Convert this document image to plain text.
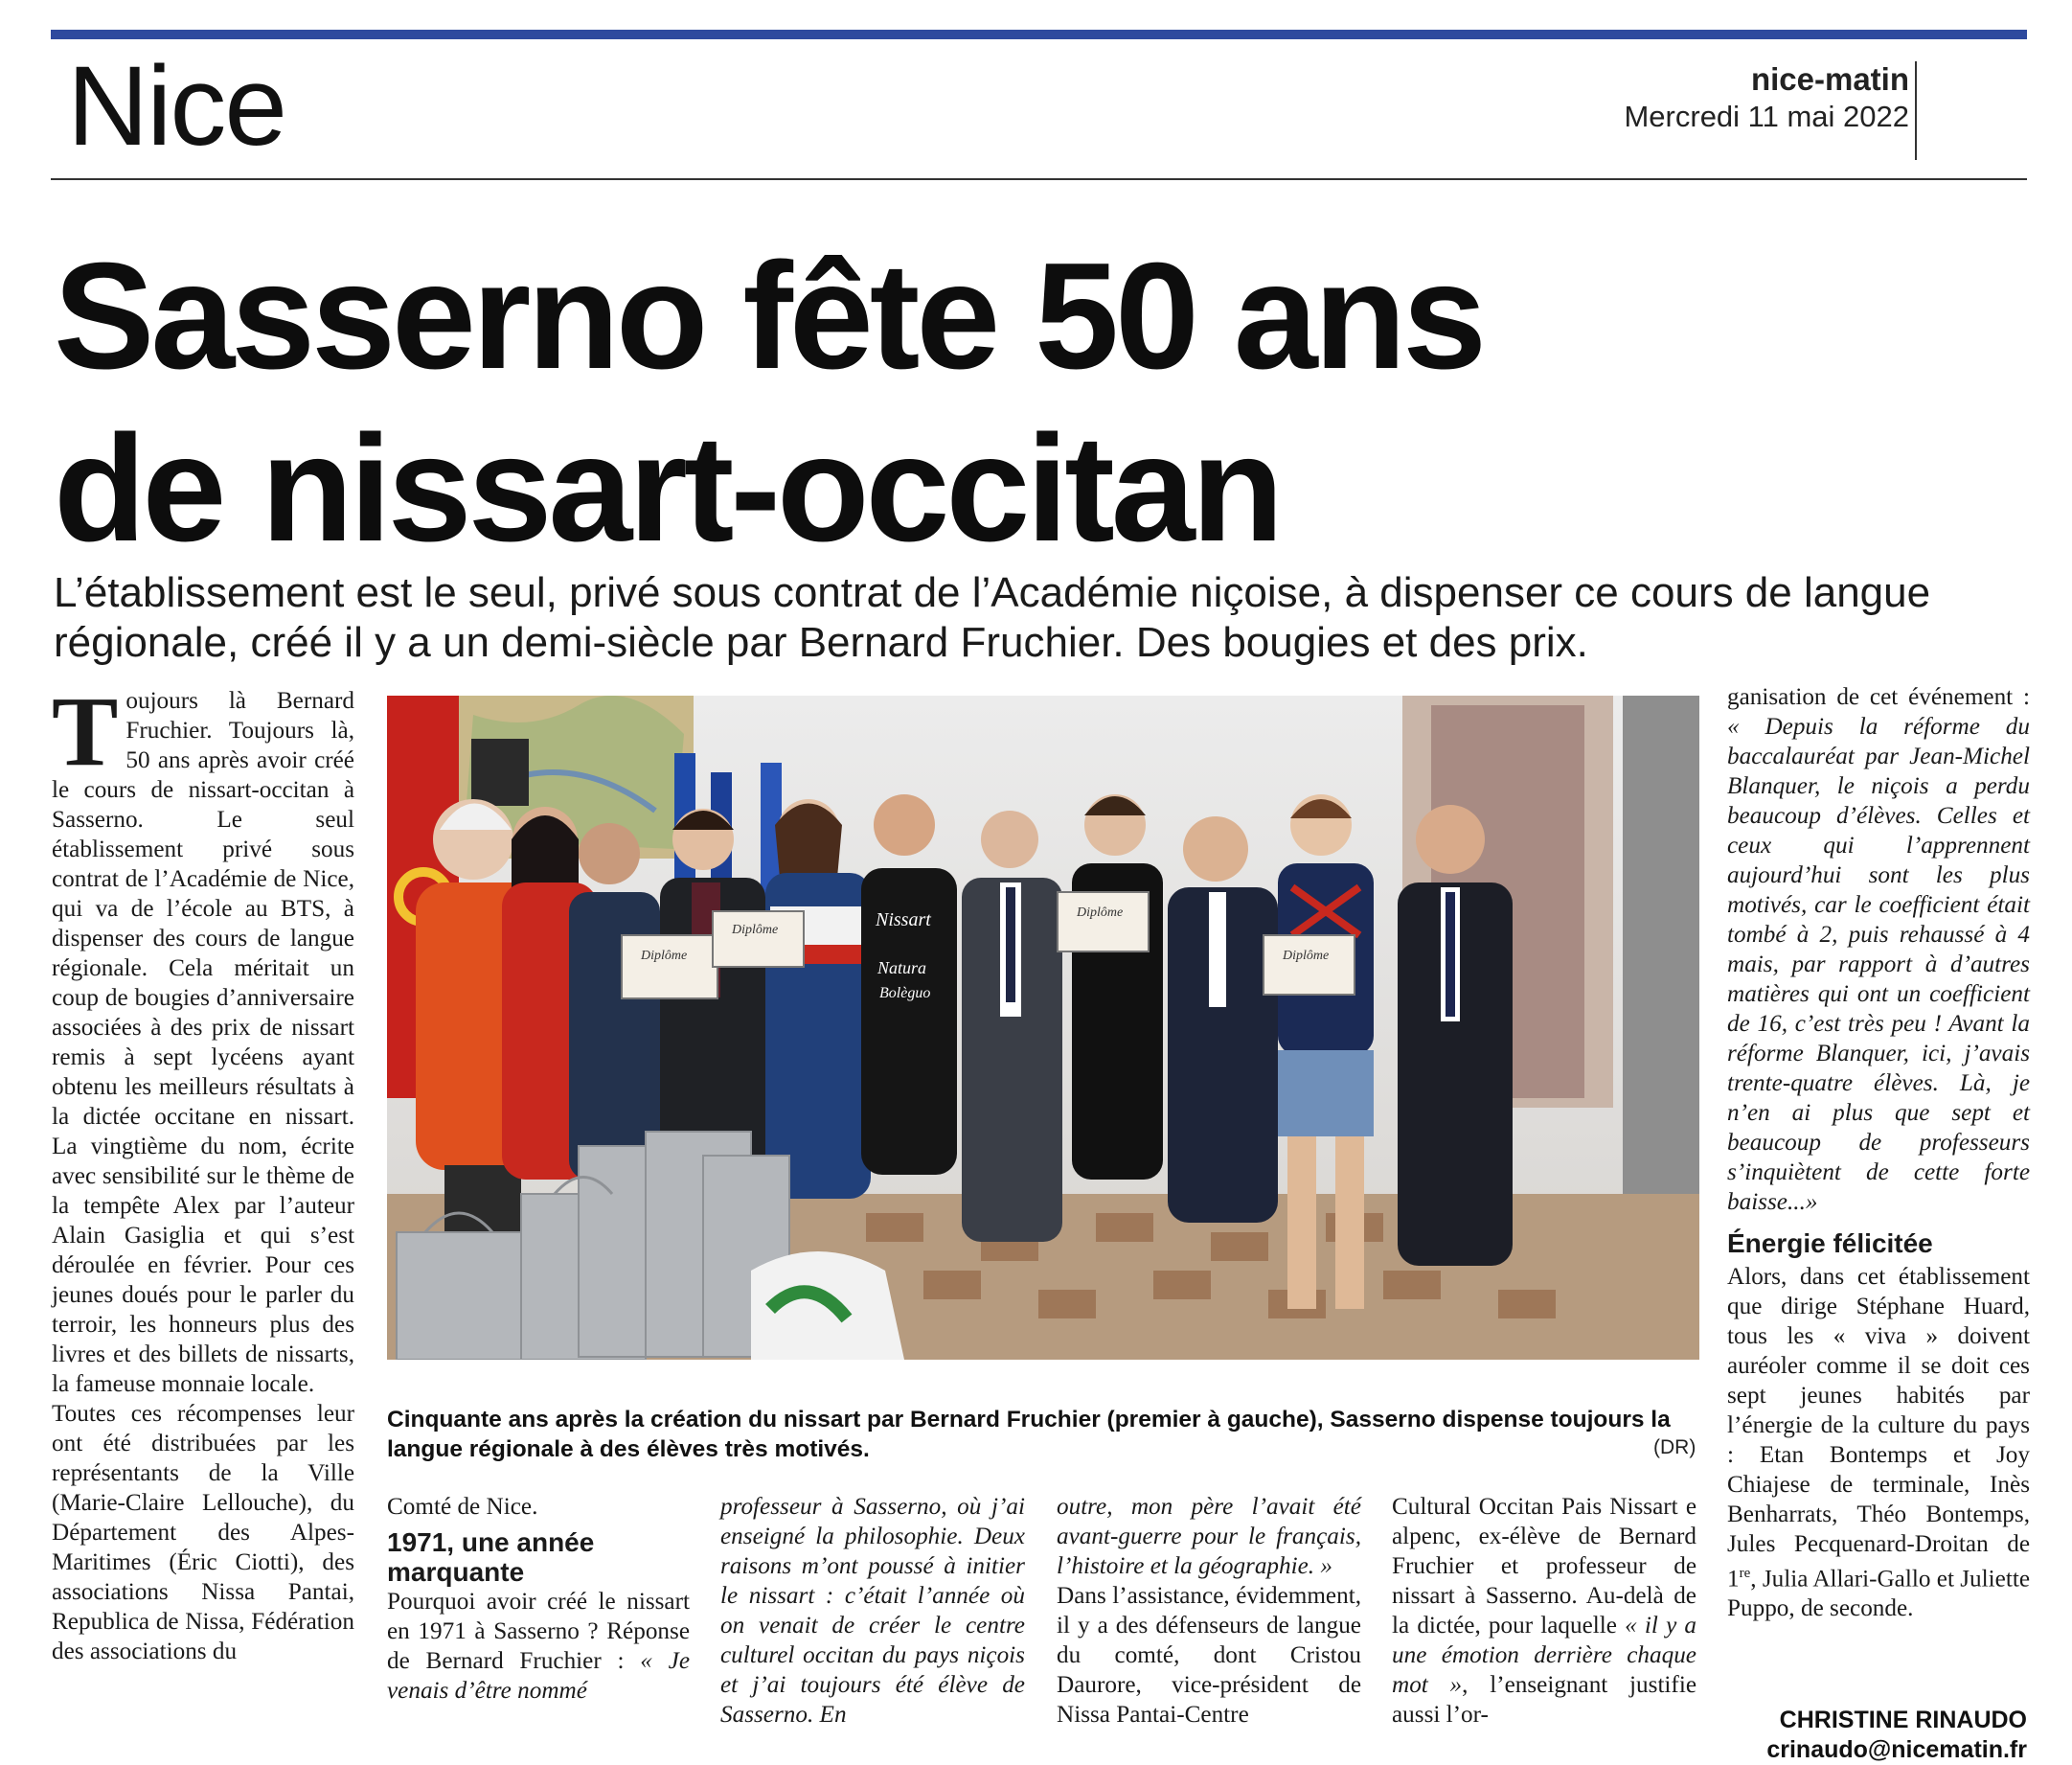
Nice	nice-matin
Mercredi 11 mai 2022
Sasserno fête 50 ans
de nissart-occitan
L’établissement est le seul, privé sous contrat de l’Académie niçoise, à dispenser ce cours de langue régionale, créé il y a un demi-siècle par Bernard Fruchier. Des bougies et des prix.

Toujours là Bernard Fruchier. Toujours là, 50 ans après avoir créé le cours de nissart-occitan à Sasserno. Le seul établissement privé sous contrat de l’Académie de Nice, qui va de l’école au BTS, à dispenser des cours de langue régionale. Cela méritait un coup de bougies d’anniversaire associées à des prix de nissart remis à sept lycéens ayant obtenu les meilleurs résultats à la dictée occitane en nissart. La vingtième du nom, écrite avec sensibilité sur le thème de la tempête Alex par l’auteur Alain Gasiglia et qui s’est déroulée en février. Pour ces jeunes doués pour le parler du terroir, les honneurs plus des livres et des billets de nissarts, la fameuse monnaie locale.

Toutes ces récompenses leur ont été distribuées par les représentants de la Ville (Marie-Claire Lellouche), du Département des Alpes-Maritimes (Éric Ciotti), des associations Nissa Pantai, Republica de Nissa, Fédération des associations du

Comté de Nice.

1971, une année marquante

Pourquoi avoir créé le nissart en 1971 à Sasserno ? Réponse de Bernard Fruchier : « Je venais d’être nommé

professeur à Sasserno, où j’ai enseigné la philosophie. Deux raisons m’ont poussé à initier le nissart : c’était l’année où on venait de créer le centre culturel occitan du pays niçois et j’ai toujours été élève de Sasserno. En

outre, mon père l’avait été avant-guerre pour le français, l’histoire et la géographie. »

Dans l’assistance, évidemment, il y a des défenseurs de langue du comté, dont Cristou Daurore, vice-président de Nissa Pantai-Centre

Cultural Occitan Pais Nissart e alpenc, ex-élève de Bernard Fruchier et professeur de nissart à Sasserno. Au-delà de la dictée, pour laquelle « il y a une émotion derrière chaque mot », l’enseignant justifie aussi l’or-

ganisation de cet événement : « Depuis la réforme du baccalauréat par Jean-Michel Blanquer, le niçois a perdu beaucoup d’élèves. Celles et ceux qui l’apprennent aujourd’hui sont les plus motivés, car le coefficient était tombé à 2, puis rehaussé à 4 mais, par rapport à d’autres matières qui ont un coefficient de 16, c’est très peu ! Avant la réforme Blanquer, ici, j’avais trente-quatre élèves. Là, je n’en ai plus que sept et beaucoup de professeurs s’inquiètent de cette forte baisse...»

Énergie félicitée

Alors, dans cet établissement que dirige Stéphane Huard, tous les « viva » doivent auréoler comme il se doit ces sept jeunes habités par l’énergie de la culture du pays : Etan Bontemps et Joy Chiajese de terminale, Inès Benharrats, Théo Bontemps, Jules Pecquenard-Droitan de 1re, Julia Allari-Gallo et Juliette Puppo, de seconde.

Nissart
Natura
Bolèguo
Diplôme
Diplôme
Diplôme
Diplôme
Cinquante ans après la création du nissart par Bernard Fruchier (premier à gauche), Sasserno dispense toujours la langue régionale à des élèves très motivés.	(DR)
CHRISTINE RINAUDO
crinaudo@nicematin.fr
